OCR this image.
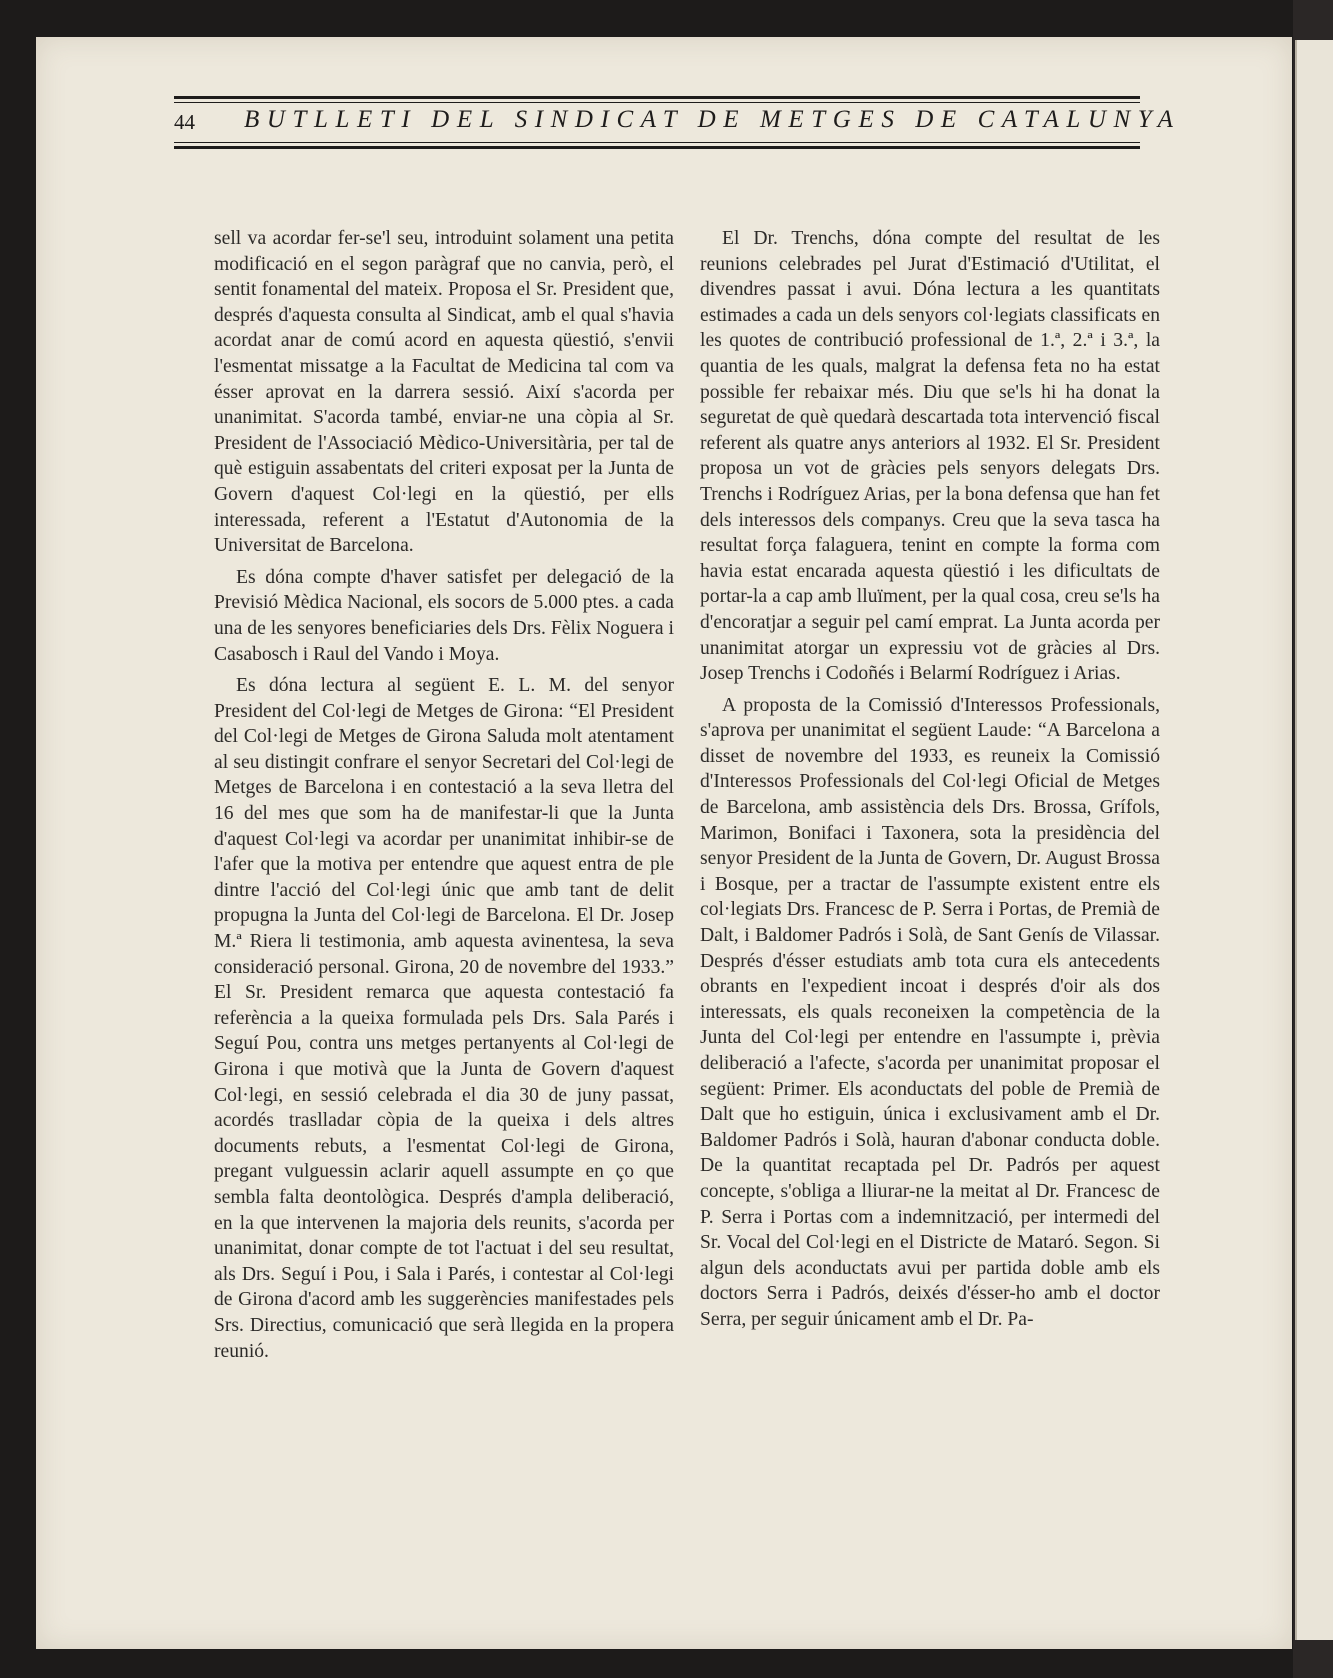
44 BUTLLETI DEL SINDICAT DE METGES DE CATALUNYA

sell va acordar fer-se'l seu, introduint solament una petita modificació en el segon paràgraf que no canvia, però, el sentit fonamental del mateix. Proposa el Sr. President que, després d'aquesta consulta al Sindicat, amb el qual s'havia acordat anar de comú acord en aquesta qüestió, s'envii l'esmentat missatge a la Facultat de Medicina tal com va ésser aprovat en la darrera sessió. Així s'acorda per unanimitat. S'acorda també, enviar-ne una còpia al Sr. President de l'Associació Mèdico-Universitària, per tal de què estiguin assabentats del criteri exposat per la Junta de Govern d'aquest Col·legi en la qüestió, per ells interessada, referent a l'Estatut d'Autonomia de la Universitat de Barcelona.

Es dóna compte d'haver satisfet per delegació de la Previsió Mèdica Nacional, els socors de 5.000 ptes. a cada una de les senyores beneficiaries dels Drs. Fèlix Noguera i Casabosch i Raul del Vando i Moya.

Es dóna lectura al següent E. L. M. del senyor President del Col·legi de Metges de Girona: “El President del Col·legi de Metges de Girona Saluda molt atentament al seu distingit confrare el senyor Secretari del Col·legi de Metges de Barcelona i en contestació a la seva lletra del 16 del mes que som ha de manifestar-li que la Junta d'aquest Col·legi va acordar per unanimitat inhibir-se de l'afer que la motiva per entendre que aquest entra de ple dintre l'acció del Col·legi únic que amb tant de delit propugna la Junta del Col·legi de Barcelona. El Dr. Josep M.ª Riera li testimonia, amb aquesta avinentesa, la seva consideració personal. Girona, 20 de novembre del 1933.” El Sr. President remarca que aquesta contestació fa referència a la queixa formulada pels Drs. Sala Parés i Seguí Pou, contra uns metges pertanyents al Col·legi de Girona i que motivà que la Junta de Govern d'aquest Col·legi, en sessió celebrada el dia 30 de juny passat, acordés traslladar còpia de la queixa i dels altres documents rebuts, a l'esmentat Col·legi de Girona, pregant vulguessin aclarir aquell assumpte en ço que sembla falta deontològica. Després d'ampla deliberació, en la que intervenen la majoria dels reunits, s'acorda per unanimitat, donar compte de tot l'actuat i del seu resultat, als Drs. Seguí i Pou, i Sala i Parés, i contestar al Col·legi de Girona d'acord amb les suggerències manifestades pels Srs. Directius, comunicació que serà llegida en la propera reunió.

El Dr. Trenchs, dóna compte del resultat de les reunions celebrades pel Jurat d'Estimació d'Utilitat, el divendres passat i avui. Dóna lectura a les quantitats estimades a cada un dels senyors col·legiats classificats en les quotes de contribució professional de 1.ª, 2.ª i 3.ª, la quantia de les quals, malgrat la defensa feta no ha estat possible fer rebaixar més. Diu que se'ls hi ha donat la seguretat de què quedarà descartada tota intervenció fiscal referent als quatre anys anteriors al 1932. El Sr. President proposa un vot de gràcies pels senyors delegats Drs. Trenchs i Rodríguez Arias, per la bona defensa que han fet dels interessos dels companys. Creu que la seva tasca ha resultat força falaguera, tenint en compte la forma com havia estat encarada aquesta qüestió i les dificultats de portar-la a cap amb lluïment, per la qual cosa, creu se'ls ha d'encoratjar a seguir pel camí emprat. La Junta acorda per unanimitat atorgar un expressiu vot de gràcies al Drs. Josep Trenchs i Codoñés i Belarmí Rodríguez i Arias.

A proposta de la Comissió d'Interessos Professionals, s'aprova per unanimitat el següent Laude: “A Barcelona a disset de novembre del 1933, es reuneix la Comissió d'Interessos Professionals del Col·legi Oficial de Metges de Barcelona, amb assistència dels Drs. Brossa, Grífols, Marimon, Bonifaci i Taxonera, sota la presidència del senyor President de la Junta de Govern, Dr. August Brossa i Bosque, per a tractar de l'assumpte existent entre els col·legiats Drs. Francesc de P. Serra i Portas, de Premià de Dalt, i Baldomer Padrós i Solà, de Sant Genís de Vilassar. Després d'ésser estudiats amb tota cura els antecedents obrants en l'expedient incoat i després d'oir als dos interessats, els quals reconeixen la competència de la Junta del Col·legi per entendre en l'assumpte i, prèvia deliberació a l'afecte, s'acorda per unanimitat proposar el següent: Primer. Els aconductats del poble de Premià de Dalt que ho estiguin, única i exclusivament amb el Dr. Baldomer Padrós i Solà, hauran d'abonar conducta doble. De la quantitat recaptada pel Dr. Padrós per aquest concepte, s'obliga a lliurar-ne la meitat al Dr. Francesc de P. Serra i Portas com a indemnització, per intermedi del Sr. Vocal del Col·legi en el Districte de Mataró. Segon. Si algun dels aconductats avui per partida doble amb els doctors Serra i Padrós, deixés d'ésser-ho amb el doctor Serra, per seguir únicament amb el Dr. Pa-
